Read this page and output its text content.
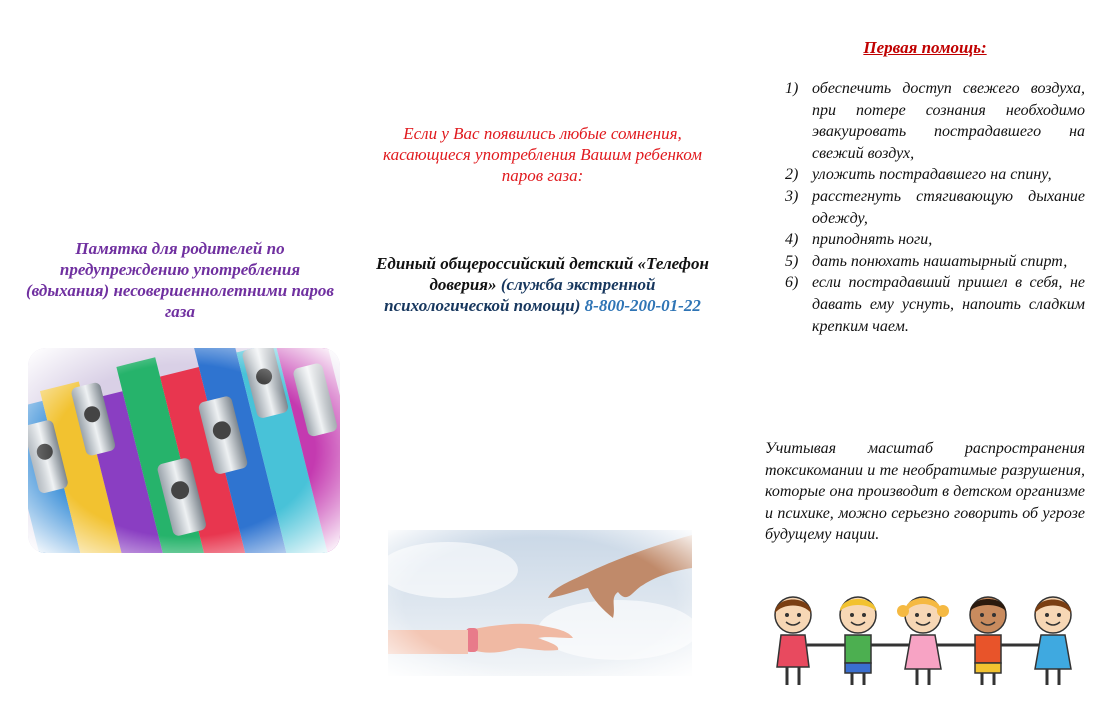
Памятка для родителей по предупреждению употребления (вдыхания) несовершеннолетними паров газа

Если у Вас появились любые сомнения, касающиеся употребления Вашим ребенком паров газа:
Единый общероссийский детский «Телефон доверия» (служба экстренной психологической помощи) 8-800-200-01-22
Первая помощь:
1) обеспечить доступ свежего воздуха, при потере сознания необходимо эвакуировать пострадавшего на свежий воздух,
2) уложить пострадавшего на спину,
3) расстегнуть стягивающую дыхание одежду,
4) приподнять ноги,
5) дать понюхать нашатырный спирт,
6) если пострадавший пришел в себя, не давать ему уснуть, напоить сладким крепким чаем.

Учитывая масштаб распространения токсикомании и те необратимые разрушения, которые она производит в детском организме и психике, можно серьезно говорить об угрозе будущему нации.
